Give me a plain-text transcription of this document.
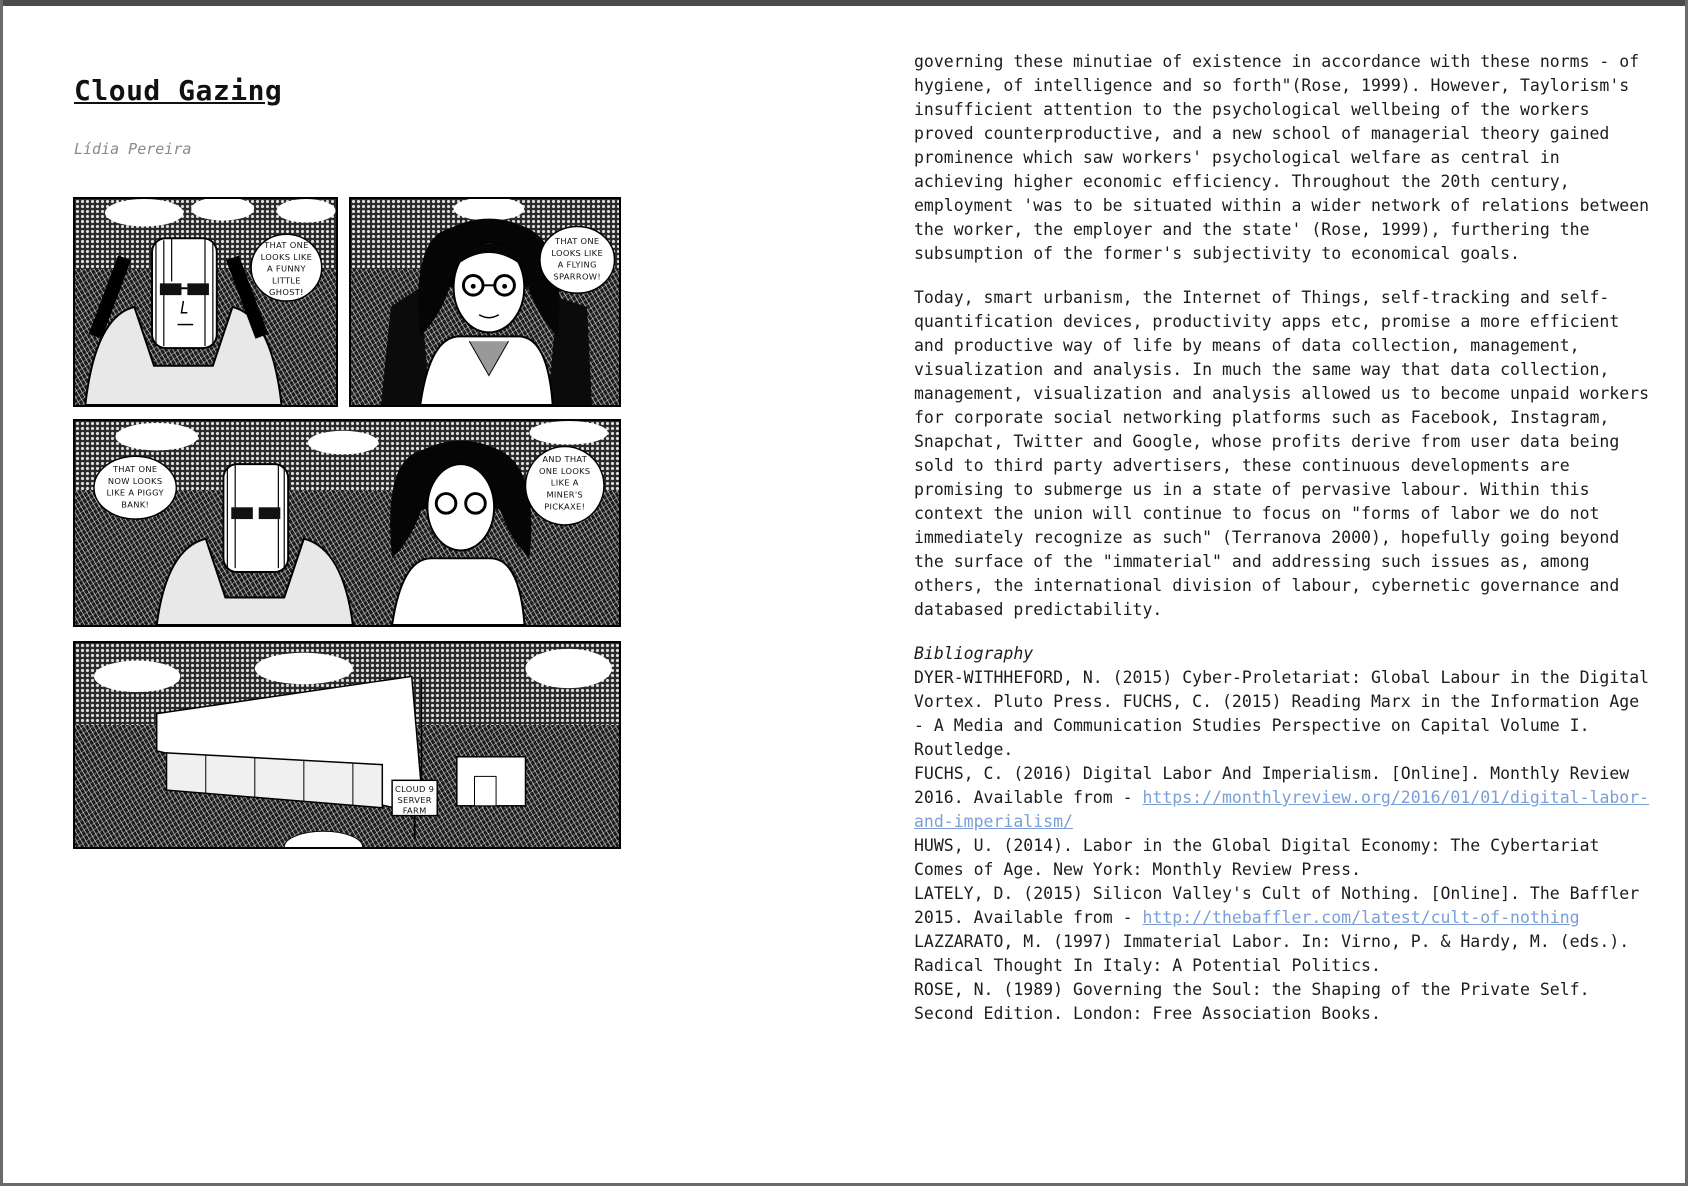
Cloud Gazing
Lídia Pereira
THAT ONE LOOKS LIKE A FUNNY LITTLE GHOST!
THAT ONE LOOKS LIKE A FLYING SPARROW!
THAT ONE NOW LOOKS LIKE A PIGGY BANK!
AND THAT ONE LOOKS LIKE A MINER'S PICKAXE!
CLOUD 9 SERVER FARM

governing these minutiae of existence in accordance with these norms - of hygiene, of intelligence and so forth"(Rose, 1999). However, Taylorism's insufficient attention to the psychological wellbeing of the workers proved counterproductive, and a new school of managerial theory gained prominence which saw workers' psychological welfare as central in achieving higher economic efficiency. Throughout the 20th century, employment 'was to be situated within a wider network of relations between the worker, the employer and the state' (Rose, 1999), furthering the subsumption of the former's subjectivity to economical goals.

Today, smart urbanism, the Internet of Things, self-tracking and self-quantification devices, productivity apps etc, promise a more efficient and productive way of life by means of data collection, management, visualization and analysis. In much the same way that data collection, management, visualization and analysis allowed us to become unpaid workers for corporate social networking platforms such as Facebook, Instagram, Snapchat, Twitter and Google, whose profits derive from user data being sold to third party advertisers, these continuous developments are promising to submerge us in a state of pervasive labour. Within this context the union will continue to focus on "forms of labor we do not immediately recognize as such" (Terranova 2000), hopefully going beyond the surface of the "immaterial" and addressing such issues as, among others, the international division of labour, cybernetic governance and databased predictability.

Bibliography
DYER-WITHHEFORD, N. (2015) Cyber-Proletariat: Global Labour in the Digital Vortex. Pluto Press. FUCHS, C. (2015) Reading Marx in the Information Age - A Media and Communication Studies Perspective on Capital Volume I. Routledge.
FUCHS, C. (2016) Digital Labor And Imperialism. [Online]. Monthly Review 2016. Available from - https://monthlyreview.org/2016/01/01/digital-labor-and-imperialism/
HUWS, U. (2014). Labor in the Global Digital Economy: The Cybertariat Comes of Age. New York: Monthly Review Press.
LATELY, D. (2015) Silicon Valley's Cult of Nothing. [Online]. The Baffler 2015. Available from - http://thebaffler.com/latest/cult-of-nothing
LAZZARATO, M. (1997) Immaterial Labor. In: Virno, P. & Hardy, M. (eds.). Radical Thought In Italy: A Potential Politics.
ROSE, N. (1989) Governing the Soul: the Shaping of the Private Self. Second Edition. London: Free Association Books.
